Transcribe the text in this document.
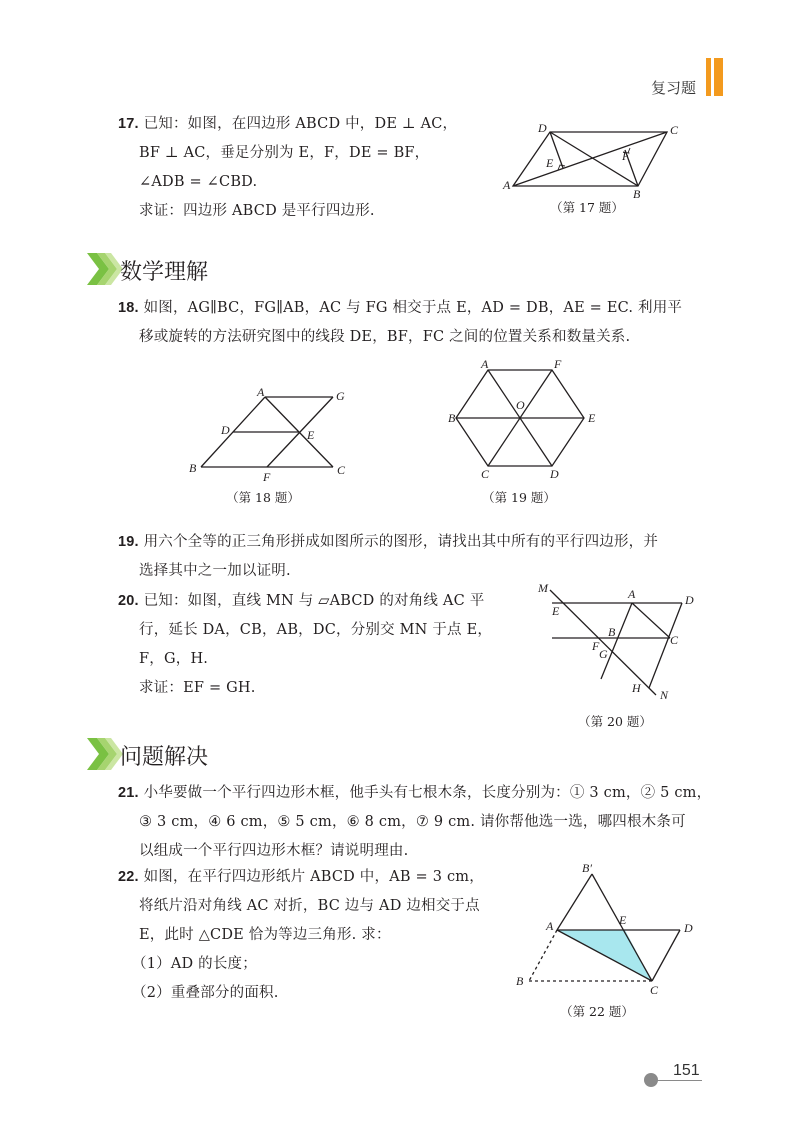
复习题
17. 已知：如图，在四边形 ABCD 中，DE ⊥ AC，
BF ⊥ AC，垂足分别为 E，F，DE = BF，
∠ADB = ∠CBD.
求证：四边形 ABCD 是平行四边形.
D	C
A
B
E	F
（第 17 题）
数学理解
18. 如图，AG∥BC，FG∥AB，AC 与 FG 相交于点 E，AD = DB，AE = EC. 利用平
移或旋转的方法研究图中的线段 DE，BF，FC 之间的位置关系和数量关系.
A	G
D	E
B
F	C
（第 18 题）
A	F
B
O
E
C	D
（第 19 题）
19. 用六个全等的正三角形拼成如图所示的图形，请找出其中所有的平行四边形，并
选择其中之一加以证明.
20. 已知：如图，直线 MN 与 ▱ABCD 的对角线 AC 平
行，延长 DA，CB，AB，DC，分别交 MN 于点 E，
F，G，H.
求证：EF = GH.
M
E
A	D
B
C
F
G
H N
（第 20 题）
问题解决
21. 小华要做一个平行四边形木框，他手头有七根木条，长度分别为：① 3 cm，② 5 cm，
③ 3 cm，④ 6 cm，⑤ 5 cm，⑥ 8 cm，⑦ 9 cm. 请你帮他选一选，哪四根木条可
以组成一个平行四边形木框？请说明理由.
22. 如图，在平行四边形纸片 ABCD 中，AB = 3 cm，
将纸片沿对角线 AC 对折，BC 边与 AD 边相交于点
E，此时 △CDE 恰为等边三角形. 求：
（1）AD 的长度；
（2）重叠部分的面积.
B′
A	E
D
B
C
（第 22 题）
151
